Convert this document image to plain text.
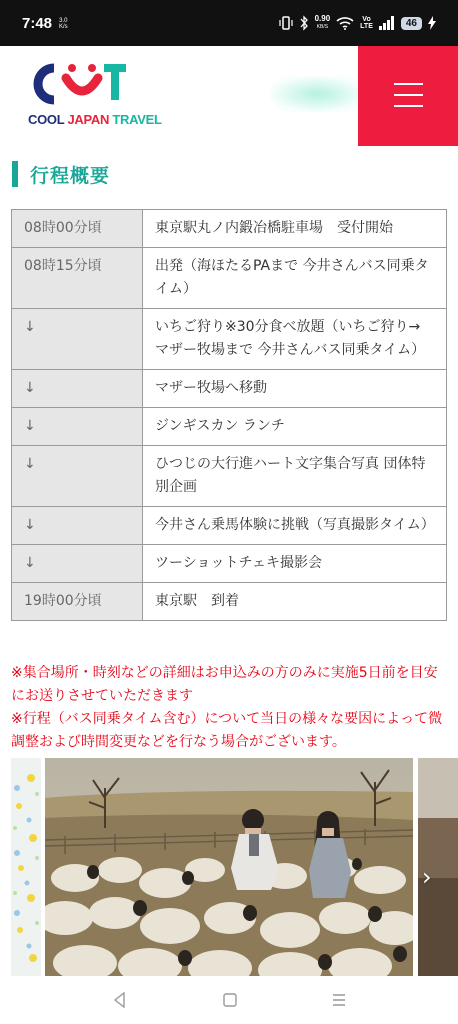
7:48 3.0
K/s
0.90
KB/S
Vo
LTE	46
COOL JAPAN TRAVEL
行程概要
08時00分頃	東京駅丸ノ内鍛冶橋駐車場　受付開始
08時15分頃	出発（海ほたるPAまで 今井さんバス同乗タイム）
↓	いちご狩り※30分食べ放題（いちご狩り→マザー牧場まで 今井さんバス同乗タイム）
↓	マザー牧場へ移動
↓	ジンギスカン ランチ
↓	ひつじの大行進ハート文字集合写真 団体特別企画
↓	今井さん乗馬体験に挑戦（写真撮影タイム）
↓	ツーショットチェキ撮影会
19時00分頃	東京駅　到着

※集合場所・時刻などの詳細はお申込みの方のみに実施5日前を目安にお送りさせていただきます

※行程（バス同乗タイム含む）について当日の様々な要因によって微調整および時間変更などを行なう場合がございます。

›
